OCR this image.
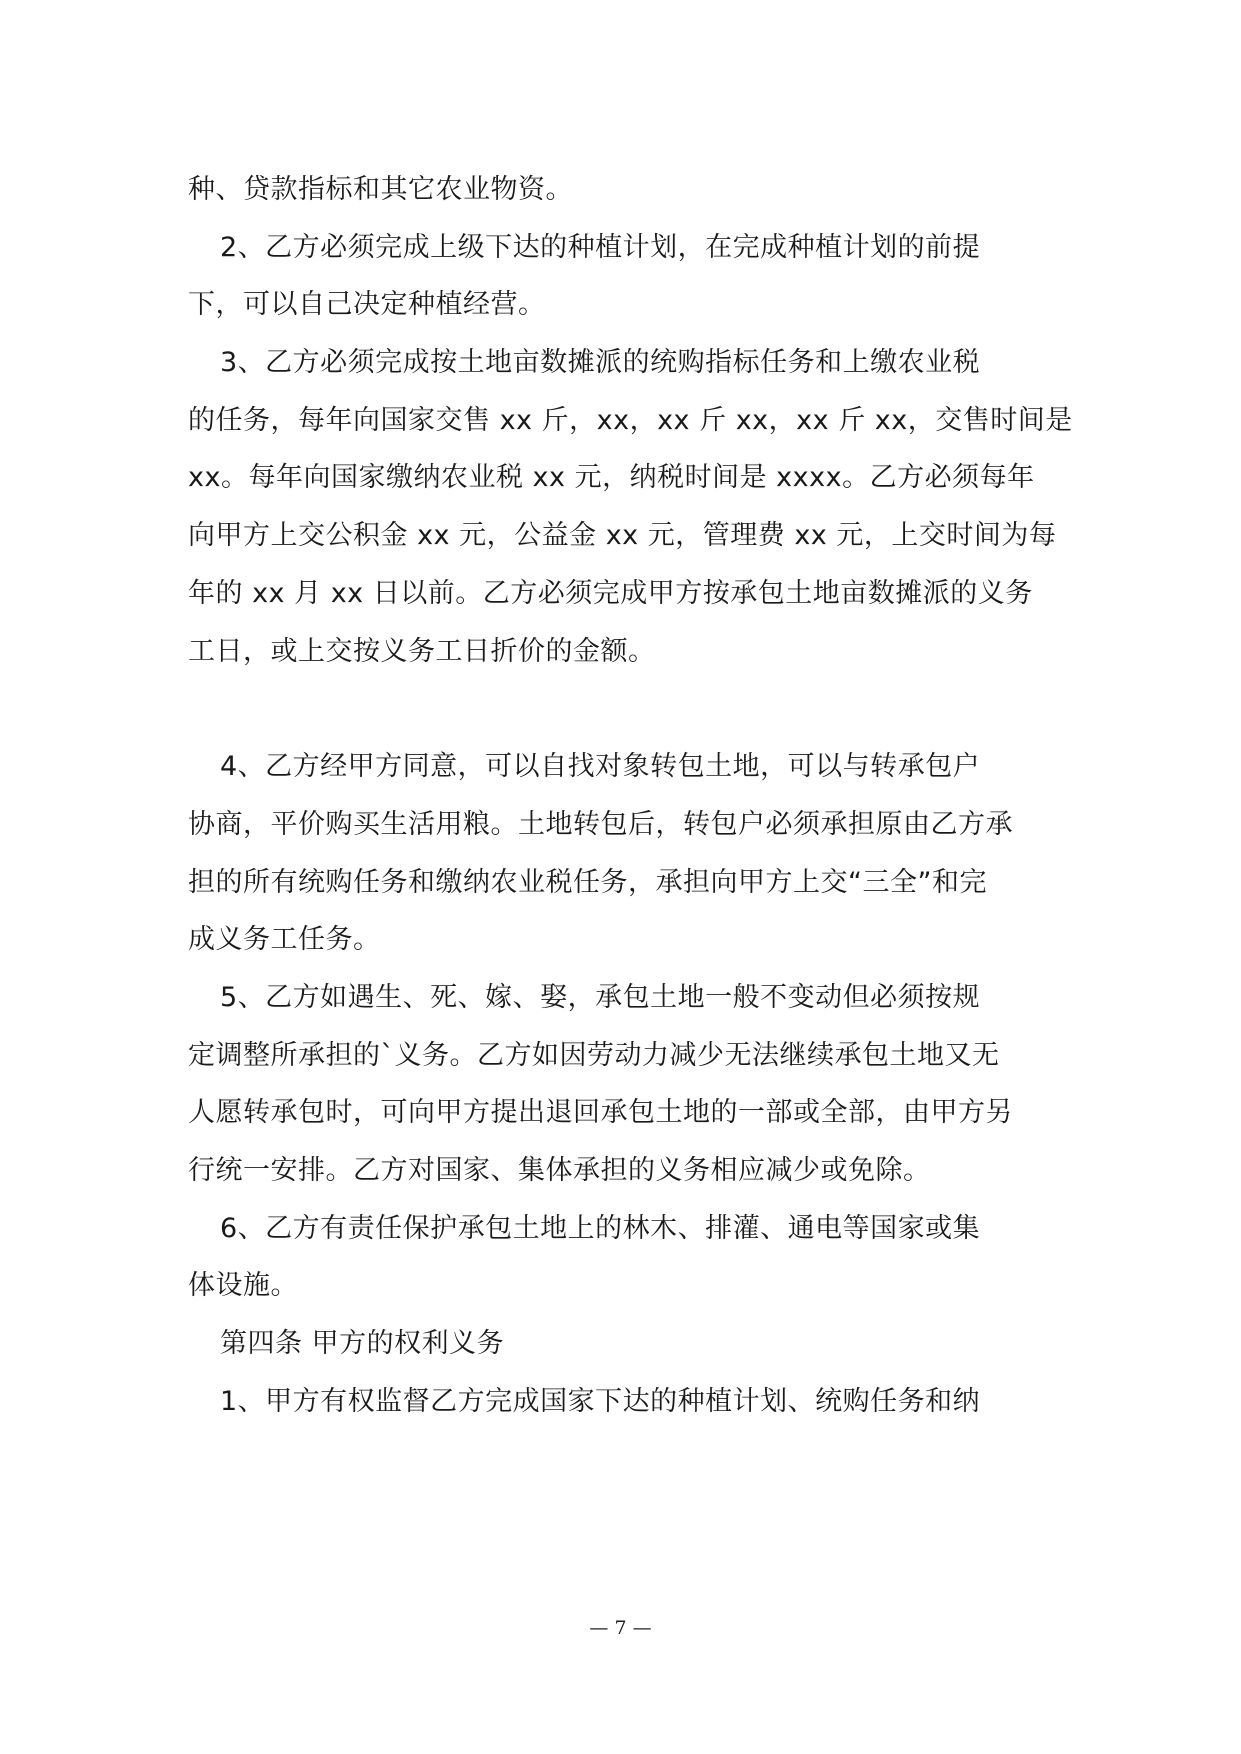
种、贷款指标和其它农业物资。

2、乙方必须完成上级下达的种植计划，在完成种植计划的前提

下，可以自己决定种植经营。

3、乙方必须完成按土地亩数摊派的统购指标任务和上缴农业税

的任务，每年向国家交售 xx 斤，xx，xx 斤 xx，xx 斤 xx，交售时间是

xx。每年向国家缴纳农业税 xx 元，纳税时间是 xxxx。乙方必须每年

向甲方上交公积金 xx 元，公益金 xx 元，管理费 xx 元，上交时间为每

年的 xx 月 xx 日以前。乙方必须完成甲方按承包土地亩数摊派的义务

工日，或上交按义务工日折价的金额。

4、乙方经甲方同意，可以自找对象转包土地，可以与转承包户

协商，平价购买生活用粮。土地转包后，转包户必须承担原由乙方承

担的所有统购任务和缴纳农业税任务，承担向甲方上交“三全”和完

成义务工任务。

5、乙方如遇生、死、嫁、娶，承包土地一般不变动但必须按规

定调整所承担的`义务。乙方如因劳动力减少无法继续承包土地又无

人愿转承包时，可向甲方提出退回承包土地的一部或全部，由甲方另

行统一安排。乙方对国家、集体承担的义务相应减少或免除。

6、乙方有责任保护承包土地上的林木、排灌、通电等国家或集

体设施。

第四条 甲方的权利义务

1、甲方有权监督乙方完成国家下达的种植计划、统购任务和纳

— 7 —
